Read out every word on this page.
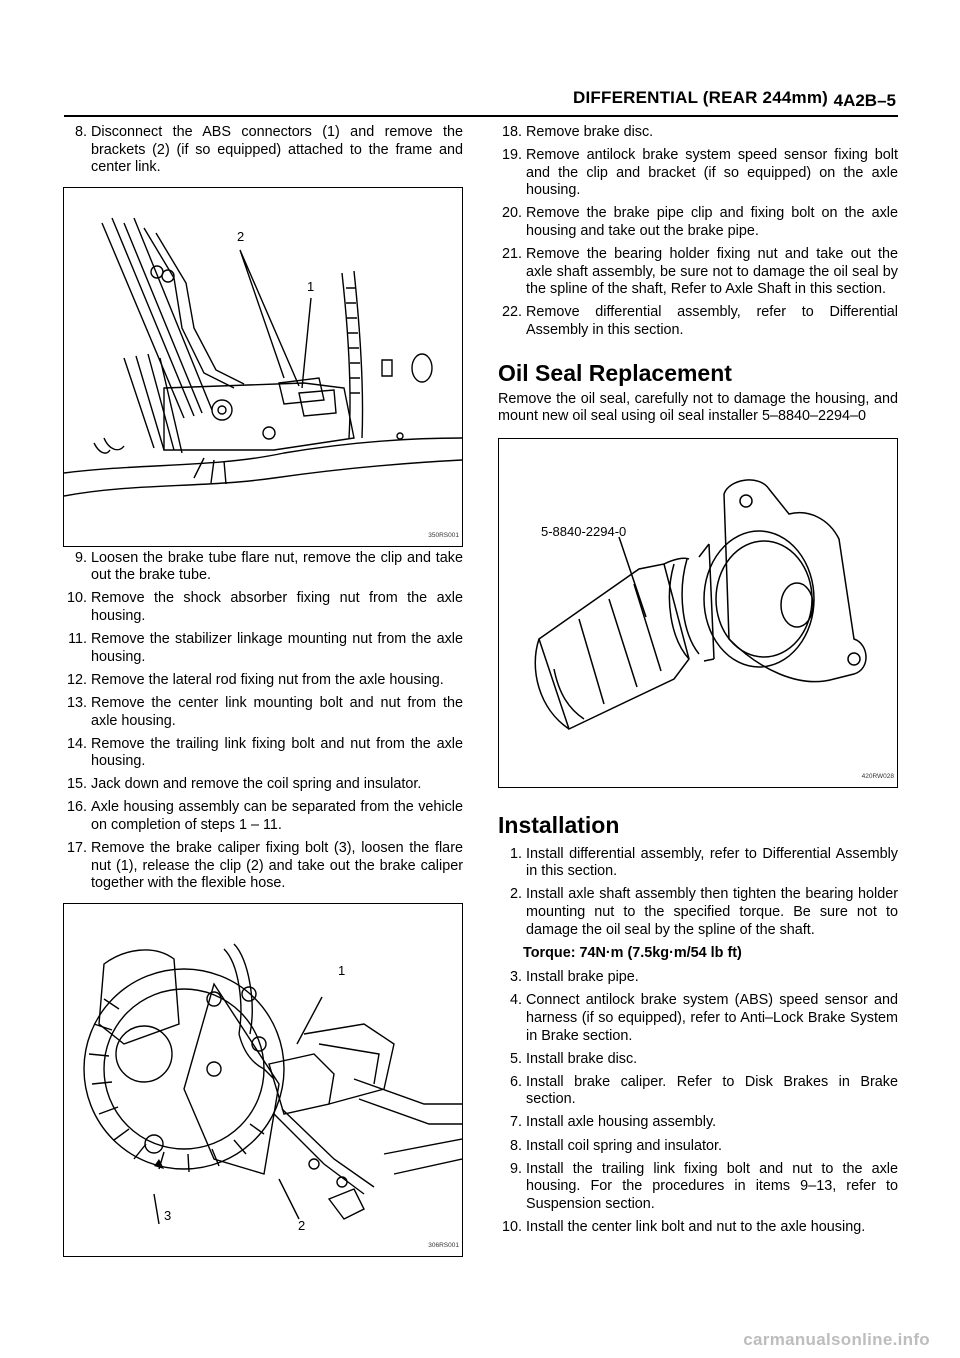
DIFFERENTIAL (REAR 244mm) 4A2B–5
8. Disconnect the ABS connectors (1) and remove the brackets (2) (if so equipped) attached to the frame and center link.
2
1
350RS001
9. Loosen the brake tube flare nut, remove the clip and take out the brake tube.
10. Remove the shock absorber fixing nut from the axle housing.
11. Remove the stabilizer linkage mounting nut from the axle housing.
12. Remove the lateral rod fixing nut from the axle housing.
13. Remove the center link mounting bolt and nut from the axle housing.
14. Remove the trailing link fixing bolt and nut from the axle housing.
15. Jack down and remove the coil spring and insulator.
16. Axle housing assembly can be separated from the vehicle on completion of steps 1 – 11.
17. Remove the brake caliper fixing bolt (3), loosen the flare nut (1), release the clip (2) and take out the brake caliper together with the flexible hose.
1
3
2
306RS001
18. Remove brake disc.
19. Remove antilock brake system speed sensor fixing bolt and the clip and bracket (if so equipped) on the axle housing.
20. Remove the brake pipe clip and fixing bolt on the axle housing and take out the brake pipe.
21. Remove the bearing holder fixing nut and take out the axle shaft assembly, be sure not to damage the oil seal by the spline of the shaft, Refer to Axle Shaft in this section.
22. Remove differential assembly, refer to Differential Assembly in this section.
Oil Seal Replacement

Remove the oil seal, carefully not to damage the housing, and mount new oil seal using oil seal installer 5–8840–2294–0

5-8840-2294-0
420RW028
Installation
1. Install differential assembly, refer to Differential Assembly in this section.
2. Install axle shaft assembly then tighten the bearing holder mounting nut to the specified torque. Be sure not to damage the oil seal by the spline of the shaft.
Torque: 74N·m (7.5kg·m/54 lb ft)
3. Install brake pipe.
4. Connect antilock brake system (ABS) speed sensor and harness (if so equipped), refer to Anti–Lock Brake System in Brake section.
5. Install brake disc.
6. Install brake caliper. Refer to Disk Brakes in Brake section.
7. Install axle housing assembly.
8. Install coil spring and insulator.
9. Install the trailing link fixing bolt and nut to the axle housing. For the procedures in items 9–13, refer to Suspension section.
10. Install the center link bolt and nut to the axle housing.
carmanualsonline.info
